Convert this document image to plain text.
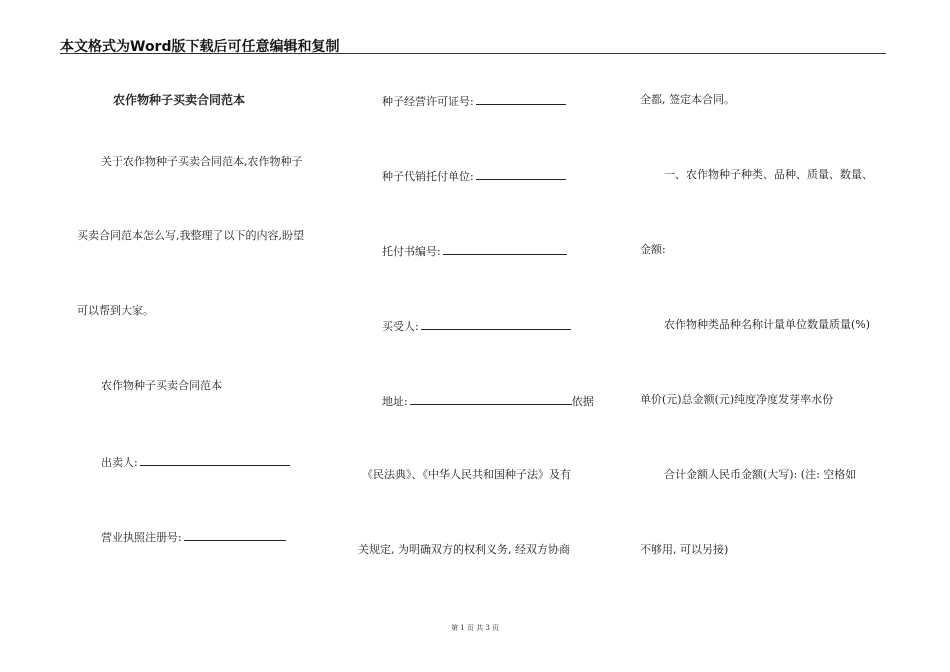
本文格式为Word版下载后可任意编辑和复制
农作物种子买卖合同范本
关于农作物种子买卖合同范本,农作物种子
买卖合同范本怎么写,我整理了以下的内容,盼望
可以帮到大家。
农作物种子买卖合同范本
出卖人:
营业执照注册号:
种子经营许可证号:
种子代销托付单位:
托付书编号:
买受人:
地址:	依据
《民法典》、《中华人民共和国种子法》及有
关规定, 为明确双方的权利义务, 经双方协商
全都, 签定本合同。
一、农作物种子种类、品种、质量、数量、
金额:
农作物种类品种名称计量单位数量质量(%)
单价(元)总金额(元)纯度净度发芽率水份
合计金额人民币金额(大写): (注: 空格如
不够用, 可以另接)
第 1 页 共 3 页
